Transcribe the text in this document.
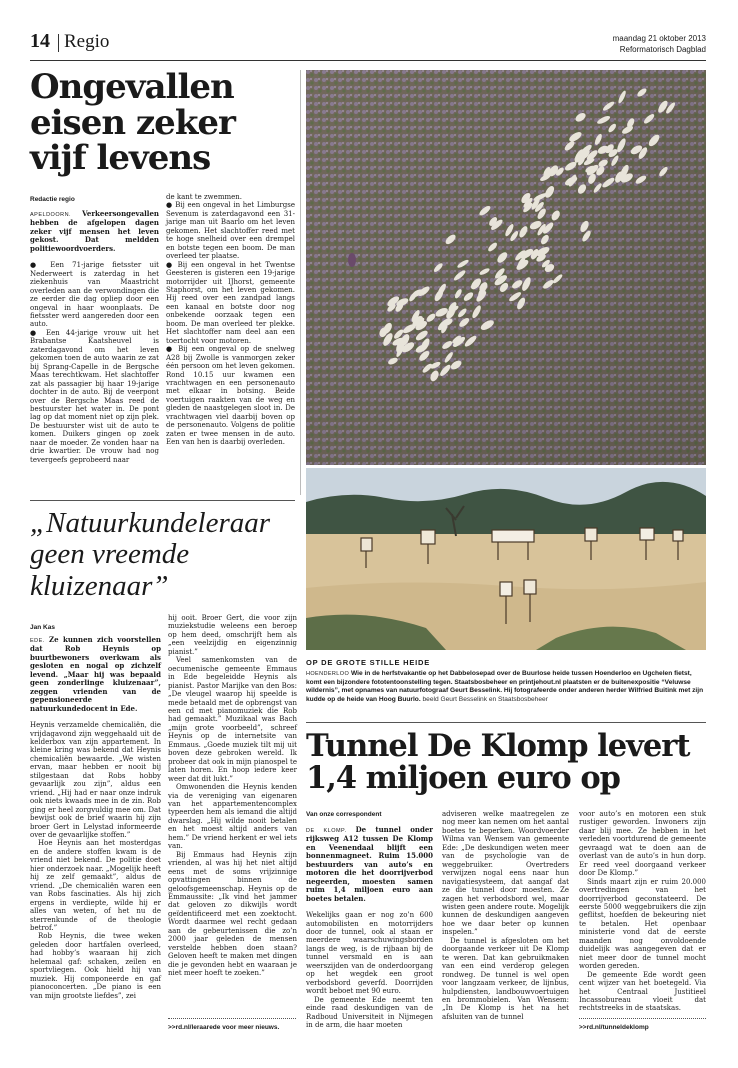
14 Regio	maandag 21 oktober 2013
Reformatorisch Dagblad
Ongevallen
eisen zeker
vijf levens
Redactie regio

APELDOORN. Verkeersongevallen hebben de afgelopen dagen zeker vijf mensen het leven gekost. Dat meldden politiewoordvoerders.

● Een 71-jarige fietsster uit Nederweert is zaterdag in het ziekenhuis van Maastricht overleden aan de verwondingen die ze eerder die dag opliep door een ongeval in haar woonplaats. De fietsster werd aangereden door een auto.

● Een 44-jarige vrouw uit het Brabantse Kaatsheuvel is zaterdagavond om het leven gekomen toen de auto waarin ze zat bij Sprang-Capelle in de Bergsche Maas terechtkwam. Het slachtoffer zat als passagier bij haar 19-jarige dochter in de auto. Bij de veerpont over de Bergsche Maas reed de bestuurster het water in. De pont lag op dat moment niet op zijn plek. De bestuurster wist uit de auto te komen. Duikers gingen op zoek naar de moeder. Ze vonden haar na drie kwartier. De vrouw had nog tevergeefs geprobeerd naar

de kant te zwemmen.

● Bij een ongeval in het Limburgse Sevenum is zaterdagavond een 31-jarige man uit Baarlo om het leven gekomen. Het slachtoffer reed met te hoge snelheid over een drempel en botste tegen een boom. De man overleed ter plaatse.

● Bij een ongeval in het Twentse Geesteren is gisteren een 19-jarige motorrijder uit IJhorst, gemeente Staphorst, om het leven gekomen. Hij reed over een zandpad langs een kanaal en botste door nog onbekende oorzaak tegen een boom. De man overleed ter plekke. Het slachtoffer nam deel aan een toertocht voor motoren.

● Bij een ongeval op de snelweg A28 bij Zwolle is vanmorgen zeker één persoon om het leven gekomen. Rond 10.15 uur kwamen een vrachtwagen en een personenauto met elkaar in botsing. Beide voertuigen raakten van de weg en gleden de naastgelegen sloot in. De vrachtwagen viel daarbij boven op de personenauto. Volgens de politie zaten er twee mensen in de auto. Een van hen is daarbij overleden.

„Natuurkundeleraar
geen vreemde
kluizenaar”
Jan Kas

EDE. Ze kunnen zich voorstellen dat Rob Heynis op buurtbewoners overkwam als gesloten en nogal op zichzelf levend. „Maar hij was bepaald geen zonderlinge kluizenaar”, zeggen vrienden van de gepensioneerde natuurkundedocent in Ede.

Heynis verzamelde chemicaliën, die vrijdagavond zijn weggehaald uit de kelderbox van zijn appartement. In kleine kring was bekend dat Heynis chemicaliën bewaarde. „We wisten ervan, maar hebben er nooit bij stilgestaan dat Robs hobby gevaarlijk zou zijn”, aldus een vriend. „Hij had er naar onze indruk ook niets kwaads mee in de zin. Rob ging er heel zorgvuldig mee om. Dat bewijst ook de brief waarin hij zijn broer Gert in Lelystad informeerde over de gevaarlijke stoffen.”

Hoe Heynis aan het mosterdgas en de andere stoffen kwam is de vriend niet bekend. De politie doet hier onderzoek naar. „Mogelijk heeft hij ze zelf gemaakt”, aldus de vriend. „De chemicaliën waren een van Robs fascinaties. Als hij zich ergens in verdiepte, wilde hij er alles van weten, of het nu de sterrenkunde of de theologie betrof.”

Rob Heynis, die twee weken geleden door hartfalen overleed, had hobby’s waaraan hij zich helemaal gaf: schaken, zeilen en sportvliegen. Ook hield hij van muziek. Hij componeerde en gaf pianoconcerten. „De piano is een van mijn grootste liefdes”, zei

hij ooit. Broer Gert, die voor zijn muziekstudie weleens een beroep op hem deed, omschrijft hem als „een veelzijdig en eigenzinnig pianist.”

Veel samenkomsten van de oecumenische gemeente Emmaus in Ede begeleidde Heynis als pianist. Pastor Marijke van den Bos: „De vleugel waarop hij speelde is mede betaald met de opbrengst van een cd met pianomuziek die Rob had gemaakt.” Muzikaal was Bach „mijn grote voorbeeld”, schreef Heynis op de internetsite van Emmaus. „Goede muziek tilt mij uit boven deze gebroken wereld. Ik probeer dat ook in mijn pianospel te laten horen. En hoop iedere keer weer dat dit lukt.”

Omwonenden die Heynis kenden via de vereniging van eigenaren van het appartementencomplex typeerden hem als iemand die altijd dwarslag. „Hij wilde nooit betalen en het moest altijd anders van hem.” De vriend herkent er wel iets van.

Bij Emmaus had Heynis zijn vrienden, al was hij het niet altijd eens met de soms vrijzinnige opvattingen binnen de geloofsgemeenschap. Heynis op de Emmaussite: „Ik vind het jammer dat geloven zo dikwijls wordt geïdentificeerd met een zoektocht. Wordt daarmee wel recht gedaan aan de gebeurtenissen die zo’n 2000 jaar geleden de mensen verstelde hebben doen staan? Geloven heeft te maken met dingen die je gevonden hebt en waaraan je niet meer hoeft te zoeken.”

>>rd.nl/leraarede voor meer nieuws.
OP DE GROTE STILLE HEIDE
HOENDERLOO Wie in de herfstvakantie op het Dabbelosepad over de Buurlose heide tussen Hoenderloo en Ugchelen fietst, komt een bijzondere fototentoonstelling tegen. Staatsbosbeheer en printjehout.nl plaatsten er de buitenexpositie “Veluwse wildernis”, met opnames van natuurfotograaf Geurt Besselink. Hij fotografeerde onder anderen herder Wilfried Buitink met zijn kudde op de heide van Hoog Buurlo. beeld Geurt Besselink en Staatsbosbeheer
Tunnel De Klomp levert
1,4 miljoen euro op
Van onze correspondent

DE KLOMP. De tunnel onder rijksweg A12 tussen De Klomp en Veenendaal blijft een bonnenmagneet. Ruim 15.000 bestuurders van auto’s en motoren die het doorrijverbod negeerden, moesten samen ruim 1,4 miljoen euro aan boetes betalen.

Wekelijks gaan er nog zo’n 600 automobilisten en motorrijders door de tunnel, ook al staan er meerdere waarschuwingsborden langs de weg, is de rijbaan bij de tunnel versmald en is aan weerszijden van de onderdoorgang op het wegdek een groot verbodsbord geverfd. Doorrijden wordt beboet met 90 euro.

De gemeente Ede neemt ten einde raad deskundigen van de Radboud Universiteit in Nijmegen in de arm, die haar moeten

adviseren welke maatregelen ze nog meer kan nemen om het aantal boetes te beperken. Woordvoerder Wilma van Wensem van gemeente Ede: „De deskundigen weten meer van de psychologie van de weggebruiker. Overtreders verwijzen nogal eens naar hun navigatiesysteem, dat aangaf dat ze die tunnel door moesten. Ze zagen het verbodsbord wel, maar wisten geen andere route. Mogelijk kunnen de deskundigen aangeven hoe we daar beter op kunnen inspelen.”

De tunnel is afgesloten om het doorgaande verkeer uit De Klomp te weren. Dat kan gebruikmaken van een eind verderop gelegen rondweg. De tunnel is wel open voor langzaam verkeer, de lijnbus, hulpdiensten, landbouwvoertuigen en brommobielen. Van Wensem: „In De Klomp is het na het afsluiten van de tunnel

voor auto’s en motoren een stuk rustiger geworden. Inwoners zijn daar blij mee. Ze hebben in het verleden voortdurend de gemeente gevraagd wat te doen aan de overlast van de auto’s in hun dorp. Er reed veel doorgaand verkeer door De Klomp.”

Sinds maart zijn er ruim 20.000 overtredingen van het doorrijverbod geconstateerd. De eerste 5000 weggebruikers die zijn geflitst, hoefden de bekeuring niet te betalen. Het openbaar ministerie vond dat de eerste maanden nog onvoldoende duidelijk was aangegeven dat er niet meer door de tunnel mocht worden gereden.

De gemeente Ede wordt geen cent wijzer van het boetegeld. Via het Centraal Justitieel Incassobureau vloeit dat rechtstreeks in de staatskas.

>>rd.nl/tunneldeklomp
